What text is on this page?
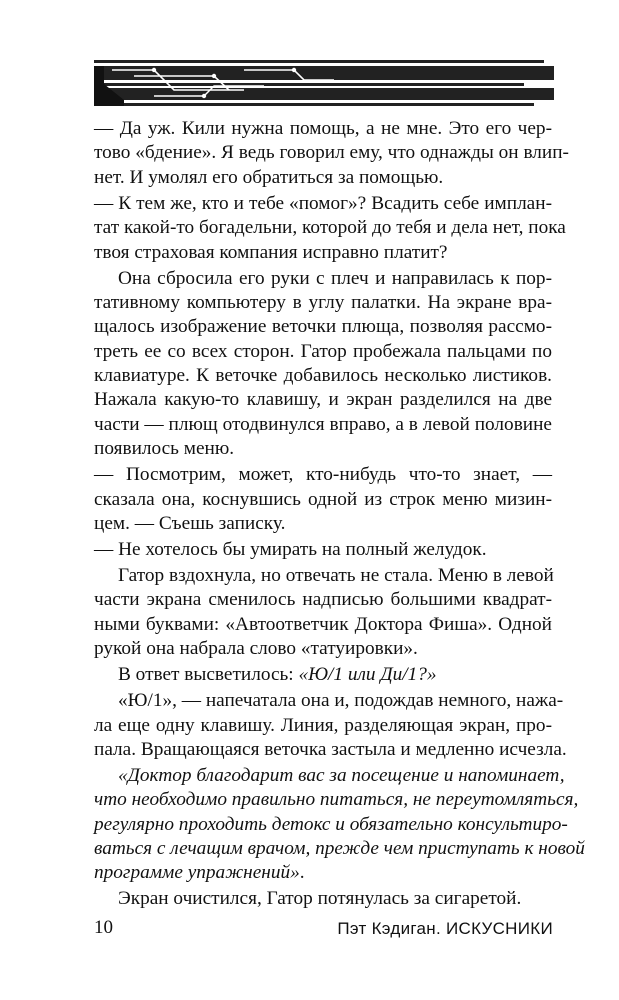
— Да уж. Кили нужна помощь, а не мне. Это его чер-
тово «бдение». Я ведь говорил ему, что однажды он влип-
нет. И умолял его обратиться за помощью.
— К тем же, кто и тебе «помог»? Всадить себе имплан-
тат какой-то богадельни, которой до тебя и дела нет, пока
твоя страховая компания исправно платит?
Она сбросила его руки с плеч и направилась к пор-
тативному компьютеру в углу палатки. На экране вра-
щалось изображение веточки плюща, позволяя рассмо-
треть ее со всех сторон. Гатор пробежала пальцами по
клавиатуре. К веточке добавилось несколько листиков.
Нажала какую-то клавишу, и экран разделился на две
части — плющ отодвинулся вправо, а в левой половине
появилось меню.
— Посмотрим, может, кто-нибудь что-то знает, —
сказала она, коснувшись одной из строк меню мизин-
цем. — Съешь записку.
— Не хотелось бы умирать на полный желудок.
Гатор вздохнула, но отвечать не стала. Меню в левой
части экрана сменилось надписью большими квадрат-
ными буквами: «Автоответчик Доктора Фиша». Одной
рукой она набрала слово «татуировки».
В ответ высветилось: «Ю/1 или Ди/1?»
«Ю/1», — напечатала она и, подождав немного, нажа-
ла еще одну клавишу. Линия, разделяющая экран, про-
пала. Вращающаяся веточка застыла и медленно исчезла.
«Доктор благодарит вас за посещение и напоминает,
что необходимо правильно питаться, не переутомляться,
регулярно проходить детокс и обязательно консультиро-
ваться с лечащим врачом, прежде чем приступать к новой
программе упражнений».
Экран очистился, Гатор потянулась за сигаретой.
10	Пэт Кэдиган. ИСКУСНИКИ
